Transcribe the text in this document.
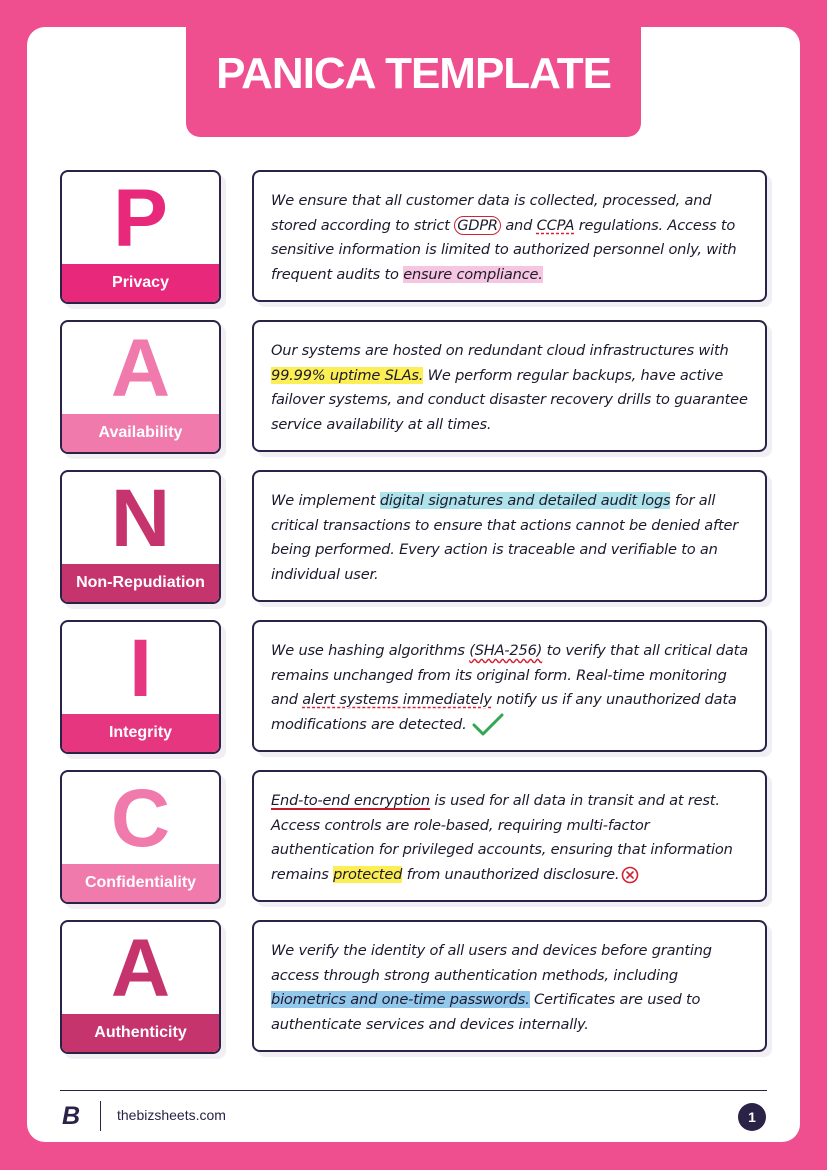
PANICA TEMPLATE
P
Privacy
We ensure that all customer data is collected, processed, and stored according to strict GDPR and CCPA regulations. Access to sensitive information is limited to authorized personnel only, with frequent audits to ensure compliance.
A
Availability
Our systems are hosted on redundant cloud infrastructures with 99.99% uptime SLAs. We perform regular backups, have active failover systems, and conduct disaster recovery drills to guarantee service availability at all times.
N
Non-Repudiation
We implement digital signatures and detailed audit logs for all critical transactions to ensure that actions cannot be denied after being performed. Every action is traceable and verifiable to an individual user.
I
Integrity
We use hashing algorithms (SHA-256) to verify that all critical data remains unchanged from its original form. Real-time monitoring and alert systems immediately notify us if any unauthorized data modifications are detected.
C
Confidentiality
End-to-end encryption is used for all data in transit and at rest. Access controls are role-based, requiring multi-factor authentication for privileged accounts, ensuring that information remains protected from unauthorized disclosure.
A
Authenticity
We verify the identity of all users and devices before granting access through strong authentication methods, including biometrics and one-time passwords. Certificates are used to authenticate services and devices internally.
B	thebizsheets.com	1
